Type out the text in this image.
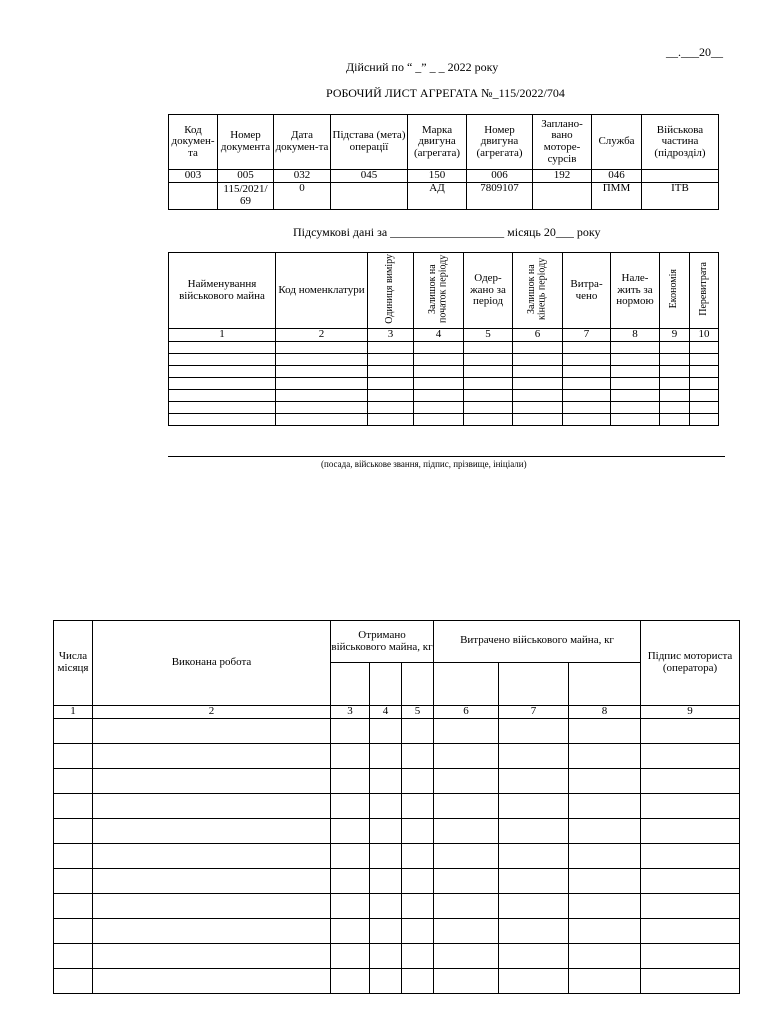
__.___20__
Дійсний по “ _” _ _ 2022 року
РОБОЧИЙ ЛИСТ АГРЕГАТА №_115/2022/704
Код докумен-та	Номер документа	Дата докумен-та	Підстава (мета) операції	Марка двигуна (агрегата)	Номер двигуна (агрегата)	Заплано-вано моторе-сурсів	Служба	Військова частина (підрозділ)
003	005	032	045	150	006	192	046	
	115/2021/ 69	0		АД	7809107		ПММ	ІТВ
Підсумкові дані за ___________________ місяць 20___ року
Найменування військового майна	Код номенклатури	Одиниця виміру	Залишок на початок періоду	Одер-жано за період	Залишок на кінець періоду	Витра-чено	Нале-жить за нормою	Економія	Перевитрата
1	2	3	4	5	6	7	8	9	10

(посада, військове звання, підпис, прізвище, ініціали)
Числа місяця	Виконана робота	Отримано військового майна, кг			Витрачено військового майна, кг			Підпис моториста (оператора)

1	2	3	4	5	6	7	8	9
